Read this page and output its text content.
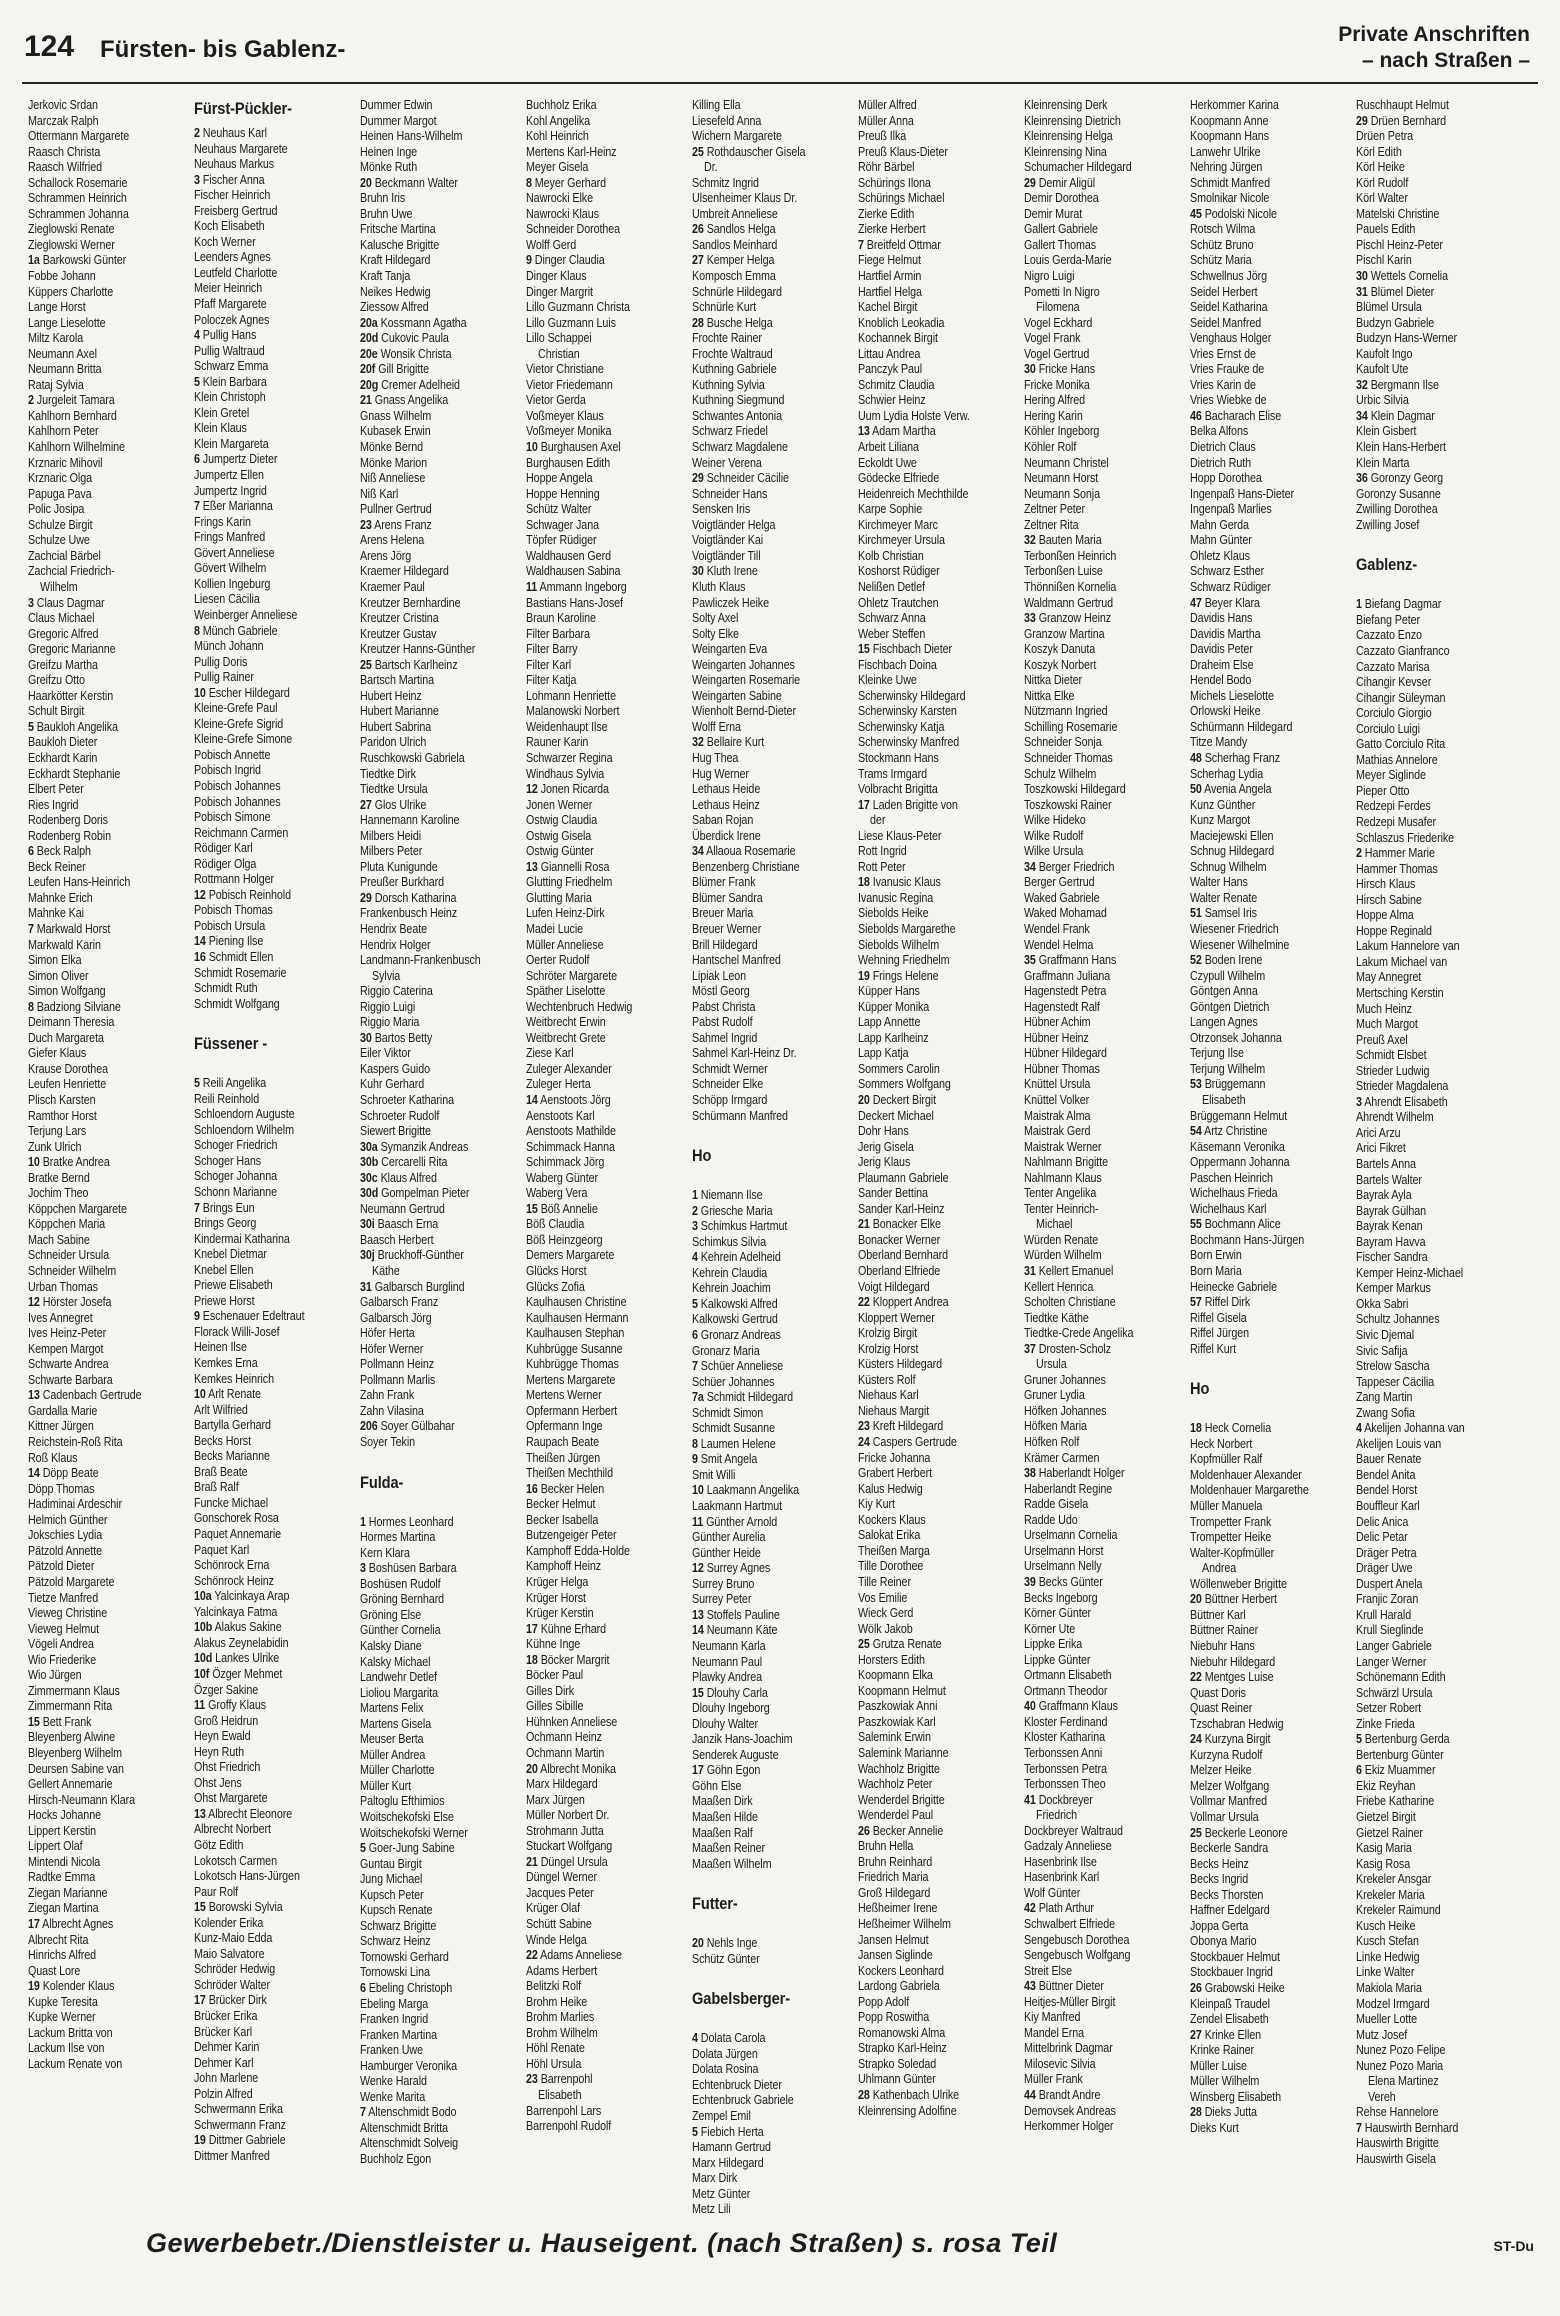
124 Fürsten- bis Gablenz-
Private Anschriften
– nach Straßen –
Jerkovic Srdan
Marczak Ralph
Ottermann Margarete
Raasch Christa
Raasch Wilfried
Schallock Rosemarie
Schrammen Heinrich
Schrammen Johanna
Zieglowski Renate
Zieglowski Werner
1a Barkowski Günter
Fobbe Johann
Küppers Charlotte
Lange Horst
Lange Lieselotte
Miltz Karola
Neumann Axel
Neumann Britta
Rataj Sylvia
2 Jurgeleit Tamara
Kahlhorn Bernhard
Kahlhorn Peter
Kahlhorn Wilhelmine
Krznaric Mihovil
Krznaric Olga
Papuga Pava
Polic Josipa
Schulze Birgit
Schulze Uwe
Zachcial Bärbel
Zachcial Friedrich-
Wilhelm
3 Claus Dagmar
Claus Michael
Gregoric Alfred
Gregoric Marianne
Greifzu Martha
Greifzu Otto
Haarkötter Kerstin
Schult Birgit
5 Baukloh Angelika
Baukloh Dieter
Eckhardt Karin
Eckhardt Stephanie
Elbert Peter
Ries Ingrid
Rodenberg Doris
Rodenberg Robin
6 Beck Ralph
Beck Reiner
Leufen Hans-Heinrich
Mahnke Erich
Mahnke Kai
7 Markwald Horst
Markwald Karin
Simon Elka
Simon Oliver
Simon Wolfgang
8 Badziong Silviane
Deimann Theresia
Duch Margareta
Giefer Klaus
Krause Dorothea
Leufen Henriette
Plisch Karsten
Ramthor Horst
Terjung Lars
Zunk Ulrich
10 Bratke Andrea
Bratke Bernd
Jochim Theo
Köppchen Margarete
Köppchen Maria
Mach Sabine
Schneider Ursula
Schneider Wilhelm
Urban Thomas
12 Hörster Josefa
Ives Annegret
Ives Heinz-Peter
Kempen Margot
Schwarte Andrea
Schwarte Barbara
13 Cadenbach Gertrude
Gardalla Marie
Kittner Jürgen
Reichstein-Roß Rita
Roß Klaus
14 Döpp Beate
Döpp Thomas
Hadiminai Ardeschir
Helmich Günther
Jokschies Lydia
Pätzold Annette
Pätzold Dieter
Pätzold Margarete
Tietze Manfred
Vieweg Christine
Vieweg Helmut
Vögeli Andrea
Wio Friederike
Wio Jürgen
Zimmermann Klaus
Zimmermann Rita
15 Bett Frank
Bleyenberg Alwine
Bleyenberg Wilhelm
Deursen Sabine van
Gellert Annemarie
Hirsch-Neumann Klara
Hocks Johanne
Lippert Kerstin
Lippert Olaf
Mintendi Nicola
Radtke Emma
Ziegan Marianne
Ziegan Martina
17 Albrecht Agnes
Albrecht Rita
Hinrichs Alfred
Quast Lore
19 Kolender Klaus
Kupke Teresita
Kupke Werner
Lackum Britta von
Lackum Ilse von
Lackum Renate von
Fürst-Pückler-
2 Neuhaus Karl
Neuhaus Margarete
Neuhaus Markus
3 Fischer Anna
Fischer Heinrich
Freisberg Gertrud
Koch Elisabeth
Koch Werner
Leenders Agnes
Leutfeld Charlotte
Meier Heinrich
Pfaff Margarete
Poloczek Agnes
4 Pullig Hans
Pullig Waltraud
Schwarz Emma
5 Klein Barbara
Klein Christoph
Klein Gretel
Klein Klaus
Klein Margareta
6 Jumpertz Dieter
Jumpertz Ellen
Jumpertz Ingrid
7 Eßer Marianna
Frings Karin
Frings Manfred
Gövert Anneliese
Gövert Wilhelm
Kollien Ingeburg
Liesen Cäcilia
Weinberger Anneliese
8 Münch Gabriele
Münch Johann
Pullig Doris
Pullig Rainer
10 Escher Hildegard
Kleine-Grefe Paul
Kleine-Grefe Sigrid
Kleine-Grefe Simone
Pobisch Annette
Pobisch Ingrid
Pobisch Johannes
Pobisch Johannes
Pobisch Simone
Reichmann Carmen
Rödiger Karl
Rödiger Olga
Rottmann Holger
12 Pobisch Reinhold
Pobisch Thomas
Pobisch Ursula
14 Piening Ilse
16 Schmidt Ellen
Schmidt Rosemarie
Schmidt Ruth
Schmidt Wolfgang
Füssener -
5 Reili Angelika
Reili Reinhold
Schloendorn Auguste
Schloendorn Wilhelm
Schoger Friedrich
Schoger Hans
Schoger Johanna
Schonn Marianne
7 Brings Eun
Brings Georg
Kindermai Katharina
Knebel Dietmar
Knebel Ellen
Priewe Elisabeth
Priewe Horst
9 Eschenauer Edeltraut
Florack Willi-Josef
Heinen Ilse
Kemkes Erna
Kemkes Heinrich
10 Arlt Renate
Arlt Wilfried
Bartylla Gerhard
Becks Horst
Becks Marianne
Braß Beate
Braß Ralf
Funcke Michael
Gonschorek Rosa
Paquet Annemarie
Paquet Karl
Schönrock Erna
Schönrock Heinz
10a Yalcinkaya Arap
Yalcinkaya Fatma
10b Alakus Sakine
Alakus Zeynelabidin
10d Lankes Ulrike
10f Özger Mehmet
Özger Sakine
11 Groffy Klaus
Groß Heidrun
Heyn Ewald
Heyn Ruth
Ohst Friedrich
Ohst Jens
Ohst Margarete
13 Albrecht Eleonore
Albrecht Norbert
Götz Edith
Lokotsch Carmen
Lokotsch Hans-Jürgen
Paur Rolf
15 Borowski Sylvia
Kolender Erika
Kunz-Maio Edda
Maio Salvatore
Schröder Hedwig
Schröder Walter
17 Brücker Dirk
Brücker Erika
Brücker Karl
Dehmer Karin
Dehmer Karl
John Marlene
Polzin Alfred
Schwermann Erika
Schwermann Franz
19 Dittmer Gabriele
Dittmer Manfred
Dummer Edwin
Dummer Margot
Heinen Hans-Wilhelm
Heinen Inge
Mönke Ruth
20 Beckmann Walter
Bruhn Iris
Bruhn Uwe
Fritsche Martina
Kalusche Brigitte
Kraft Hildegard
Kraft Tanja
Neikes Hedwig
Ziessow Alfred
20a Kossmann Agatha
20d Cukovic Paula
20e Wonsik Christa
20f Gill Brigitte
20g Cremer Adelheid
21 Gnass Angelika
Gnass Wilhelm
Kubasek Erwin
Mönke Bernd
Mönke Marion
Niß Anneliese
Niß Karl
Pullner Gertrud
23 Arens Franz
Arens Helena
Arens Jörg
Kraemer Hildegard
Kraemer Paul
Kreutzer Bernhardine
Kreutzer Cristina
Kreutzer Gustav
Kreutzer Hanns-Günther
25 Bartsch Karlheinz
Bartsch Martina
Hubert Heinz
Hubert Marianne
Hubert Sabrina
Paridon Ulrich
Ruschkowski Gabriela
Tiedtke Dirk
Tiedtke Ursula
27 Glos Ulrike
Hannemann Karoline
Milbers Heidi
Milbers Peter
Pluta Kunigunde
Preußer Burkhard
29 Dorsch Katharina
Frankenbusch Heinz
Hendrix Beate
Hendrix Holger
Landmann-Frankenbusch
Sylvia
Riggio Caterina
Riggio Luigi
Riggio Maria
30 Bartos Betty
Eiler Viktor
Kaspers Guido
Kuhr Gerhard
Schroeter Katharina
Schroeter Rudolf
Siewert Brigitte
30a Symanzik Andreas
30b Cercarelli Rita
30c Klaus Alfred
30d Gompelman Pieter
Neumann Gertrud
30i Baasch Erna
Baasch Herbert
30j Bruckhoff-Günther
Käthe
31 Galbarsch Burglind
Galbarsch Franz
Galbarsch Jörg
Höfer Herta
Höfer Werner
Pollmann Heinz
Pollmann Marlis
Zahn Frank
Zahn Vilasina
206 Soyer Gülbahar
Soyer Tekin
Fulda-
1 Hormes Leonhard
Hormes Martina
Kern Klara
3 Boshüsen Barbara
Boshüsen Rudolf
Gröning Bernhard
Gröning Else
Günther Cornelia
Kalsky Diane
Kalsky Michael
Landwehr Detlef
Lioliou Margarita
Martens Felix
Martens Gisela
Meuser Berta
Müller Andrea
Müller Charlotte
Müller Kurt
Paltoglu Efthimios
Woitschekofski Else
Woitschekofski Werner
5 Goer-Jung Sabine
Guntau Birgit
Jung Michael
Kupsch Peter
Kupsch Renate
Schwarz Brigitte
Schwarz Heinz
Tornowski Gerhard
Tornowski Lina
6 Ebeling Christoph
Ebeling Marga
Franken Ingrid
Franken Martina
Franken Uwe
Hamburger Veronika
Wenke Harald
Wenke Marita
7 Altenschmidt Bodo
Altenschmidt Britta
Altenschmidt Solveig
Buchholz Egon
Buchholz Erika
Kohl Angelika
Kohl Heinrich
Mertens Karl-Heinz
Meyer Gisela
8 Meyer Gerhard
Nawrocki Elke
Nawrocki Klaus
Schneider Dorothea
Wolff Gerd
9 Dinger Claudia
Dinger Klaus
Dinger Margrit
Lillo Guzmann Christa
Lillo Guzmann Luis
Lillo Schappei
Christian
Vietor Christiane
Vietor Friedemann
Vietor Gerda
Voßmeyer Klaus
Voßmeyer Monika
10 Burghausen Axel
Burghausen Edith
Hoppe Angela
Hoppe Henning
Schütz Walter
Schwager Jana
Töpfer Rüdiger
Waldhausen Gerd
Waldhausen Sabina
11 Ammann Ingeborg
Bastians Hans-Josef
Braun Karoline
Filter Barbara
Filter Barry
Filter Karl
Filter Katja
Lohmann Henriette
Malanowski Norbert
Weidenhaupt Ilse
Rauner Karin
Schwarzer Regina
Windhaus Sylvia
12 Jonen Ricarda
Jonen Werner
Ostwig Claudia
Ostwig Gisela
Ostwig Günter
13 Giannelli Rosa
Glutting Friedhelm
Glutting Maria
Lufen Heinz-Dirk
Madei Lucie
Müller Anneliese
Oerter Rudolf
Schröter Margarete
Späther Liselotte
Wechtenbruch Hedwig
Weitbrecht Erwin
Weitbrecht Grete
Ziese Karl
Zuleger Alexander
Zuleger Herta
14 Aenstoots Jörg
Aenstoots Karl
Aenstoots Mathilde
Schimmack Hanna
Schimmack Jörg
Waberg Günter
Waberg Vera
15 Böß Annelie
Böß Claudia
Böß Heinzgeorg
Demers Margarete
Glücks Horst
Glücks Zofia
Kaulhausen Christine
Kaulhausen Hermann
Kaulhausen Stephan
Kuhbrügge Susanne
Kuhbrügge Thomas
Mertens Margarete
Mertens Werner
Opfermann Herbert
Opfermann Inge
Raupach Beate
Theißen Jürgen
Theißen Mechthild
16 Becker Helen
Becker Helmut
Becker Isabella
Butzengeiger Peter
Kamphoff Edda-Holde
Kamphoff Heinz
Krüger Helga
Krüger Horst
Krüger Kerstin
17 Kühne Erhard
Kühne Inge
18 Böcker Margrit
Böcker Paul
Gilles Dirk
Gilles Sibille
Hühnken Anneliese
Ochmann Heinz
Ochmann Martin
20 Albrecht Monika
Marx Hildegard
Marx Jürgen
Müller Norbert Dr.
Strohmann Jutta
Stuckart Wolfgang
21 Düngel Ursula
Düngel Werner
Jacques Peter
Krüger Olaf
Schütt Sabine
Winde Helga
22 Adams Anneliese
Adams Herbert
Belitzki Rolf
Brohm Heike
Brohm Marlies
Brohm Wilhelm
Höhl Renate
Höhl Ursula
23 Barrenpohl
Elisabeth
Barrenpohl Lars
Barrenpohl Rudolf
Killing Ella
Liesefeld Anna
Wichern Margarete
25 Rothdauscher Gisela
Dr.
Schmitz Ingrid
Ulsenheimer Klaus Dr.
Umbreit Anneliese
26 Sandlos Helga
Sandlos Meinhard
27 Kemper Helga
Komposch Emma
Schnürle Hildegard
Schnürle Kurt
28 Busche Helga
Frochte Rainer
Frochte Waltraud
Kuthning Gabriele
Kuthning Sylvia
Kuthning Siegmund
Schwantes Antonia
Schwarz Friedel
Schwarz Magdalene
Weiner Verena
29 Schneider Cäcilie
Schneider Hans
Sensken Iris
Voigtländer Helga
Voigtländer Kai
Voigtländer Till
30 Kluth Irene
Kluth Klaus
Pawliczek Heike
Solty Axel
Solty Elke
Weingarten Eva
Weingarten Johannes
Weingarten Rosemarie
Weingarten Sabine
Wienholt Bernd-Dieter
Wolff Erna
32 Bellaire Kurt
Hug Thea
Hug Werner
Lethaus Heide
Lethaus Heinz
Saban Rojan
Überdick Irene
34 Allaoua Rosemarie
Benzenberg Christiane
Blümer Frank
Blümer Sandra
Breuer Maria
Breuer Werner
Brill Hildegard
Hantschel Manfred
Lipiak Leon
Möstl Georg
Pabst Christa
Pabst Rudolf
Sahmel Ingrid
Sahmel Karl-Heinz Dr.
Schmidt Werner
Schneider Elke
Schöpp Irmgard
Schürmann Manfred
Ho
1 Niemann Ilse
2 Griesche Maria
3 Schimkus Hartmut
Schimkus Silvia
4 Kehrein Adelheid
Kehrein Claudia
Kehrein Joachim
5 Kalkowski Alfred
Kalkowski Gertrud
6 Gronarz Andreas
Gronarz Maria
7 Schüer Anneliese
Schüer Johannes
7a Schmidt Hildegard
Schmidt Simon
Schmidt Susanne
8 Laumen Helene
9 Smit Angela
Smit Willi
10 Laakmann Angelika
Laakmann Hartmut
11 Günther Arnold
Günther Aurelia
Günther Heide
12 Surrey Agnes
Surrey Bruno
Surrey Peter
13 Stoffels Pauline
14 Neumann Käte
Neumann Karla
Neumann Paul
Plawky Andrea
15 Dlouhy Carla
Dlouhy Ingeborg
Dlouhy Walter
Janzik Hans-Joachim
Senderek Auguste
17 Göhn Egon
Göhn Else
Maaßen Dirk
Maaßen Hilde
Maaßen Ralf
Maaßen Reiner
Maaßen Wilhelm
Futter-
20 Nehls Inge
Schütz Günter
Gabelsberger-
4 Dolata Carola
Dolata Jürgen
Dolata Rosina
Echtenbruck Dieter
Echtenbruck Gabriele
Zempel Emil
5 Fiebich Herta
Hamann Gertrud
Marx Hildegard
Marx Dirk
Metz Günter
Metz Lili
Müller Alfred
Müller Anna
Preuß Ilka
Preuß Klaus-Dieter
Röhr Bärbel
Schürings Ilona
Schürings Michael
Zierke Edith
Zierke Herbert
7 Breitfeld Ottmar
Fiege Helmut
Hartfiel Armin
Hartfiel Helga
Kachel Birgit
Knoblich Leokadia
Kochannek Birgit
Littau Andrea
Panczyk Paul
Schmitz Claudia
Schwier Heinz
Uum Lydia Holste Verw.
13 Adam Martha
Arbeit Liliana
Eckoldt Uwe
Gödecke Elfriede
Heidenreich Mechthilde
Karpe Sophie
Kirchmeyer Marc
Kirchmeyer Ursula
Kolb Christian
Koshorst Rüdiger
Nelißen Detlef
Ohletz Trautchen
Schwarz Anna
Weber Steffen
15 Fischbach Dieter
Fischbach Doina
Kleinke Uwe
Scherwinsky Hildegard
Scherwinsky Karsten
Scherwinsky Katja
Scherwinsky Manfred
Stockmann Hans
Trams Irmgard
Volbracht Brigitta
17 Laden Brigitte von
der
Liese Klaus-Peter
Rott Ingrid
Rott Peter
18 Ivanusic Klaus
Ivanusic Regina
Siebolds Heike
Siebolds Margarethe
Siebolds Wilhelm
Wehning Friedhelm
19 Frings Helene
Küpper Hans
Küpper Monika
Lapp Annette
Lapp Karlheinz
Lapp Katja
Sommers Carolin
Sommers Wolfgang
20 Deckert Birgit
Deckert Michael
Dohr Hans
Jerig Gisela
Jerig Klaus
Plaumann Gabriele
Sander Bettina
Sander Karl-Heinz
21 Bonacker Elke
Bonacker Werner
Oberland Bernhard
Oberland Elfriede
Voigt Hildegard
22 Kloppert Andrea
Kloppert Werner
Krolzig Birgit
Krolzig Horst
Küsters Hildegard
Küsters Rolf
Niehaus Karl
Niehaus Margit
23 Kreft Hildegard
24 Caspers Gertrude
Fricke Johanna
Grabert Herbert
Kalus Hedwig
Kiy Kurt
Kockers Klaus
Salokat Erika
Theißen Marga
Tille Dorothee
Tille Reiner
Vos Emilie
Wieck Gerd
Wölk Jakob
25 Grutza Renate
Horsters Edith
Koopmann Elka
Koopmann Helmut
Paszkowiak Anni
Paszkowiak Karl
Salemink Erwin
Salemink Marianne
Wachholz Brigitte
Wachholz Peter
Wenderdel Brigitte
Wenderdel Paul
26 Becker Annelie
Bruhn Hella
Bruhn Reinhard
Friedrich Maria
Groß Hildegard
Heßheimer Irene
Heßheimer Wilhelm
Jansen Helmut
Jansen Siglinde
Kockers Leonhard
Lardong Gabriela
Popp Adolf
Popp Roswitha
Romanowski Alma
Strapko Karl-Heinz
Strapko Soledad
Uhlmann Günter
28 Kathenbach Ulrike
Kleinrensing Adolfine
Kleinrensing Derk
Kleinrensing Dietrich
Kleinrensing Helga
Kleinrensing Nina
Schumacher Hildegard
29 Demir Aligül
Demir Dorothea
Demir Murat
Gallert Gabriele
Gallert Thomas
Louis Gerda-Marie
Nigro Luigi
Pometti In Nigro
Filomena
Vogel Eckhard
Vogel Frank
Vogel Gertrud
30 Fricke Hans
Fricke Monika
Hering Alfred
Hering Karin
Köhler Ingeborg
Köhler Rolf
Neumann Christel
Neumann Horst
Neumann Sonja
Zeltner Peter
Zeltner Rita
32 Bauten Maria
Terbonßen Heinrich
Terbonßen Luise
Thönnißen Kornelia
Waldmann Gertrud
33 Granzow Heinz
Granzow Martina
Koszyk Danuta
Koszyk Norbert
Nittka Dieter
Nittka Elke
Nützmann Ingried
Schilling Rosemarie
Schneider Sonja
Schneider Thomas
Schulz Wilhelm
Toszkowski Hildegard
Toszkowski Rainer
Wilke Hideko
Wilke Rudolf
Wilke Ursula
34 Berger Friedrich
Berger Gertrud
Waked Gabriele
Waked Mohamad
Wendel Frank
Wendel Helma
35 Graffmann Hans
Graffmann Juliana
Hagenstedt Petra
Hagenstedt Ralf
Hübner Achim
Hübner Heinz
Hübner Hildegard
Hübner Thomas
Knüttel Ursula
Knüttel Volker
Maistrak Alma
Maistrak Gerd
Maistrak Werner
Nahlmann Brigitte
Nahlmann Klaus
Tenter Angelika
Tenter Heinrich-
Michael
Würden Renate
Würden Wilhelm
31 Kellert Emanuel
Kellert Henrica
Scholten Christiane
Tiedtke Käthe
Tiedtke-Crede Angelika
37 Drosten-Scholz
Ursula
Gruner Johannes
Gruner Lydia
Höfken Johannes
Höfken Maria
Höfken Rolf
Krämer Carmen
38 Haberlandt Holger
Haberlandt Regine
Radde Gisela
Radde Udo
Urselmann Cornelia
Urselmann Horst
Urselmann Nelly
39 Becks Günter
Becks Ingeborg
Körner Günter
Körner Ute
Lippke Erika
Lippke Günter
Ortmann Elisabeth
Ortmann Theodor
40 Graffmann Klaus
Kloster Ferdinand
Kloster Katharina
Terbonssen Anni
Terbonssen Petra
Terbonssen Theo
41 Dockbreyer
Friedrich
Dockbreyer Waltraud
Gadzaly Anneliese
Hasenbrink Ilse
Hasenbrink Karl
Wolf Günter
42 Plath Arthur
Schwalbert Elfriede
Sengebusch Dorothea
Sengebusch Wolfgang
Streit Else
43 Büttner Dieter
Heitjes-Müller Birgit
Kiy Manfred
Mandel Erna
Mittelbrink Dagmar
Milosevic Silvia
Müller Frank
44 Brandt Andre
Demovsek Andreas
Herkommer Holger
Herkommer Karina
Koopmann Anne
Koopmann Hans
Lanwehr Ulrike
Nehring Jürgen
Schmidt Manfred
Smolnikar Nicole
45 Podolski Nicole
Rotsch Wilma
Schütz Bruno
Schütz Maria
Schwellnus Jörg
Seidel Herbert
Seidel Katharina
Seidel Manfred
Venghaus Holger
Vries Ernst de
Vries Frauke de
Vries Karin de
Vries Wiebke de
46 Bacharach Elise
Belka Alfons
Dietrich Claus
Dietrich Ruth
Hopp Dorothea
Ingenpaß Hans-Dieter
Ingenpaß Marlies
Mahn Gerda
Mahn Günter
Ohletz Klaus
Schwarz Esther
Schwarz Rüdiger
47 Beyer Klara
Davidis Hans
Davidis Martha
Davidis Peter
Draheim Else
Hendel Bodo
Michels Lieselotte
Orlowski Heike
Schürmann Hildegard
Titze Mandy
48 Scherhag Franz
Scherhag Lydia
50 Avenia Angela
Kunz Günther
Kunz Margot
Maciejewski Ellen
Schnug Hildegard
Schnug Wilhelm
Walter Hans
Walter Renate
51 Samsel Iris
Wiesener Friedrich
Wiesener Wilhelmine
52 Boden Irene
Czypull Wilhelm
Göntgen Anna
Göntgen Dietrich
Langen Agnes
Otrzonsek Johanna
Terjung Ilse
Terjung Wilhelm
53 Brüggemann
Elisabeth
Brüggemann Helmut
54 Artz Christine
Käsemann Veronika
Oppermann Johanna
Paschen Heinrich
Wichelhaus Frieda
Wichelhaus Karl
55 Bochmann Alice
Bochmann Hans-Jürgen
Born Erwin
Born Maria
Heinecke Gabriele
57 Riffel Dirk
Riffel Gisela
Riffel Jürgen
Riffel Kurt
Ho
18 Heck Cornelia
Heck Norbert
Kopfmüller Ralf
Moldenhauer Alexander
Moldenhauer Margarethe
Müller Manuela
Trompetter Frank
Trompetter Heike
Walter-Kopfmüller
Andrea
Wöllenweber Brigitte
20 Büttner Herbert
Büttner Karl
Büttner Rainer
Niebuhr Hans
Niebuhr Hildegard
22 Mentges Luise
Quast Doris
Quast Reiner
Tzschabran Hedwig
24 Kurzyna Birgit
Kurzyna Rudolf
Melzer Heike
Melzer Wolfgang
Vollmar Manfred
Vollmar Ursula
25 Beckerle Leonore
Beckerle Sandra
Becks Heinz
Becks Ingrid
Becks Thorsten
Haffner Edelgard
Joppa Gerta
Obonya Mario
Stockbauer Helmut
Stockbauer Ingrid
26 Grabowski Heike
Kleinpaß Traudel
Zendel Elisabeth
27 Krinke Ellen
Krinke Rainer
Müller Luise
Müller Wilhelm
Winsberg Elisabeth
28 Dieks Jutta
Dieks Kurt
Ruschhaupt Helmut
29 Drüen Bernhard
Drüen Petra
Körl Edith
Körl Heike
Körl Rudolf
Körl Walter
Matelski Christine
Pauels Edith
Pischl Heinz-Peter
Pischl Karin
30 Wettels Cornelia
31 Blümel Dieter
Blümel Ursula
Budzyn Gabriele
Budzyn Hans-Werner
Kaufolt Ingo
Kaufolt Ute
32 Bergmann Ilse
Urbic Silvia
34 Klein Dagmar
Klein Gisbert
Klein Hans-Herbert
Klein Marta
36 Goronzy Georg
Goronzy Susanne
Zwilling Dorothea
Zwilling Josef
Gablenz-
1 Biefang Dagmar
Biefang Peter
Cazzato Enzo
Cazzato Gianfranco
Cazzato Marisa
Cihangir Kevser
Cihangir Süleyman
Corciulo Giorgio
Corciulo Luigi
Gatto Corciulo Rita
Mathias Annelore
Meyer Siglinde
Pieper Otto
Redzepi Ferdes
Redzepi Musafer
Schlaszus Friederike
2 Hammer Marie
Hammer Thomas
Hirsch Klaus
Hirsch Sabine
Hoppe Alma
Hoppe Reginald
Lakum Hannelore van
Lakum Michael van
May Annegret
Mertsching Kerstin
Much Heinz
Much Margot
Preuß Axel
Schmidt Elsbet
Strieder Ludwig
Strieder Magdalena
3 Ahrendt Elisabeth
Ahrendt Wilhelm
Arici Arzu
Arici Fikret
Bartels Anna
Bartels Walter
Bayrak Ayla
Bayrak Gülhan
Bayrak Kenan
Bayram Havva
Fischer Sandra
Kemper Heinz-Michael
Kemper Markus
Okka Sabri
Schultz Johannes
Sivic Djemal
Sivic Safija
Strelow Sascha
Tappeser Cäcilia
Zang Martin
Zwang Sofia
4 Akelijen Johanna van
Akelijen Louis van
Bauer Renate
Bendel Anita
Bendel Horst
Bouffleur Karl
Delic Anica
Delic Petar
Dräger Petra
Dräger Uwe
Duspert Anela
Franjic Zoran
Krull Harald
Krull Sieglinde
Langer Gabriele
Langer Werner
Schönemann Edith
Schwärzl Ursula
Setzer Robert
Zinke Frieda
5 Bertenburg Gerda
Bertenburg Günter
6 Ekiz Muammer
Ekiz Reyhan
Friebe Katharine
Gietzel Birgit
Gietzel Rainer
Kasig Maria
Kasig Rosa
Krekeler Ansgar
Krekeler Maria
Krekeler Raimund
Kusch Heike
Kusch Stefan
Linke Hedwig
Linke Walter
Makiola Maria
Modzel Irmgard
Mueller Lotte
Mutz Josef
Nunez Pozo Felipe
Nunez Pozo Maria
Elena Martinez
Vereh
Rehse Hannelore
7 Hauswirth Bernhard
Hauswirth Brigitte
Hauswirth Gisela
Gewerbebetr./Dienstleister u. Hauseigent. (nach Straßen) s. rosa Teil	ST-Du
